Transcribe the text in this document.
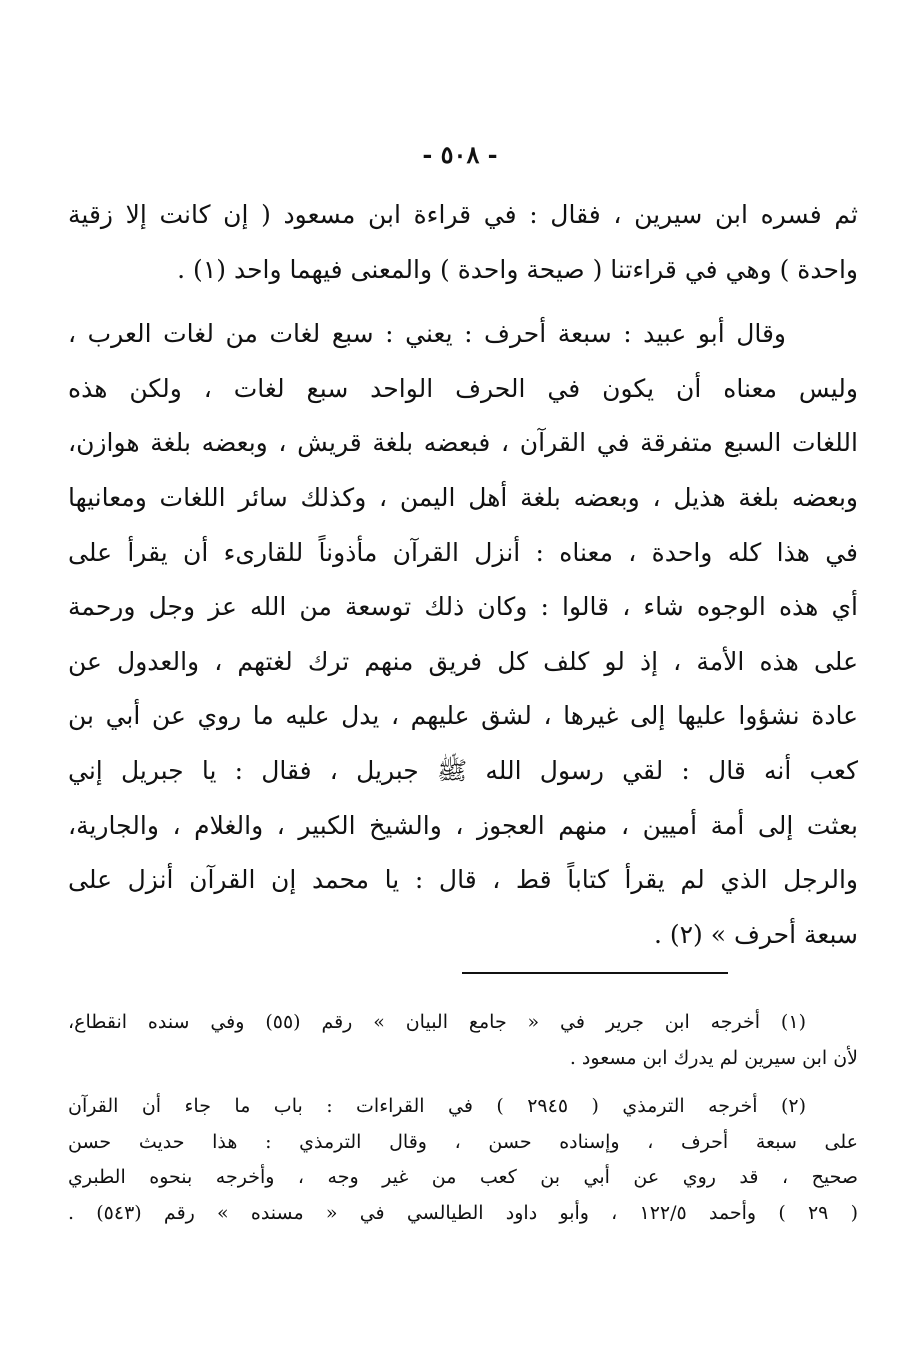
- ٥٠٨ -
ثم فسره ابن سيرين ، فقال : في قراءة ابن مسعود ( إن كانت إلا زقية
واحدة ) وهي في قراءتنا ( صيحة واحدة ) والمعنى فيهما واحد (١) .
وقال أبو عبيد : سبعة أحرف : يعني : سبع لغات من لغات العرب ،
وليس معناه أن يكون في الحرف الواحد سبع لغات ، ولكن هذه
اللغات السبع متفرقة في القرآن ، فبعضه بلغة قريش ، وبعضه بلغة هوازن،
وبعضه بلغة هذيل ، وبعضه بلغة أهل اليمن ، وكذلك سائر اللغات ومعانيها
في هذا كله واحدة ، معناه : أنزل القرآن مأذوناً للقارىء أن يقرأ على
أي هذه الوجوه شاء ، قالوا : وكان ذلك توسعة من الله عز وجل ورحمة
على هذه الأمة ، إذ لو كلف كل فريق منهم ترك لغتهم ، والعدول عن
عادة نشؤوا عليها إلى غيرها ، لشق عليهم ، يدل عليه ما روي عن أبي بن
كعب أنه قال : لقي رسول الله ﷺ جبريل ، فقال : يا جبريل إني
بعثت إلى أمة أميين ، منهم العجوز ، والشيخ الكبير ، والغلام ، والجارية،
والرجل الذي لم يقرأ كتاباً قط ، قال : يا محمد إن القرآن أنزل على
سبعة أحرف » (٢) .
(١) أخرجه ابن جرير في « جامع البيان » رقم (٥٥) وفي سنده انقطاع،
لأن ابن سيرين لم يدرك ابن مسعود .
(٢) أخرجه الترمذي ( ٢٩٤٥ ) في القراءات : باب ما جاء أن القرآن
على سبعة أحرف ، وإسناده حسن ، وقال الترمذي : هذا حديث حسن
صحيح ، قد روي عن أبي بن كعب من غير وجه ، وأخرجه بنحوه الطبري
( ٢٩ ) وأحمد ١٢٢/٥ ، وأبو داود الطيالسي في « مسنده » رقم (٥٤٣) .
